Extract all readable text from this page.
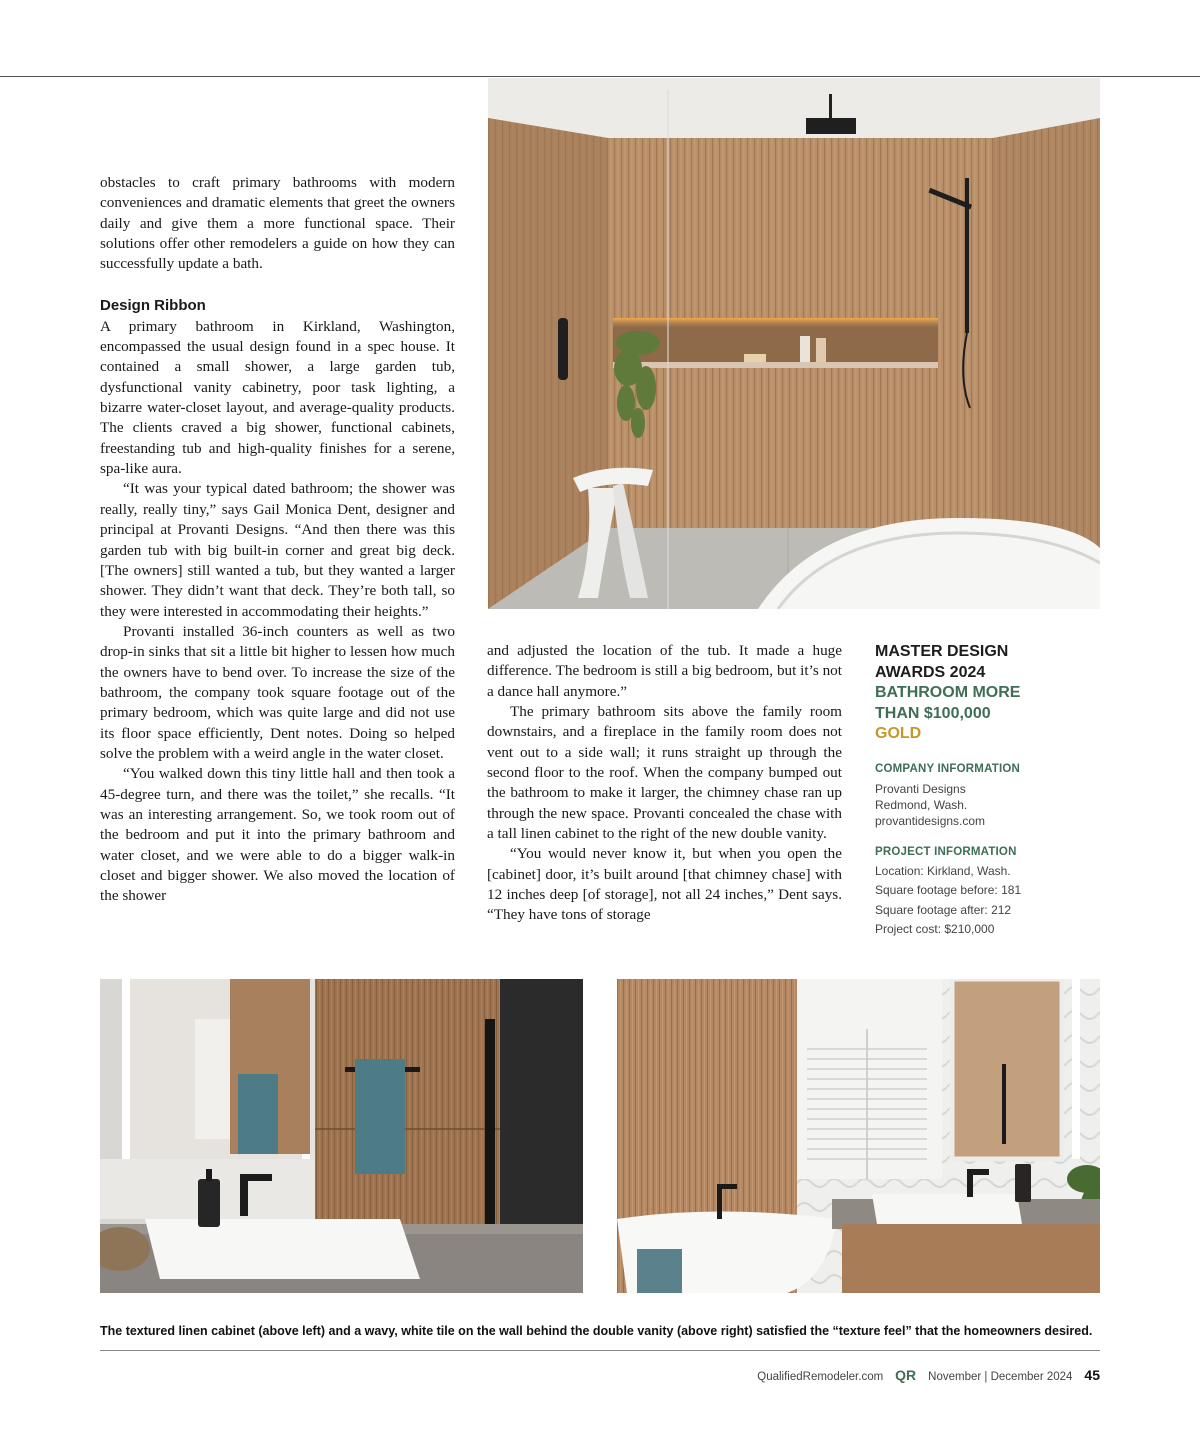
obstacles to craft primary bathrooms with modern conveniences and dramatic elements that greet the owners daily and give them a more functional space. Their solutions offer other remodelers a guide on how they can successfully update a bath.

Design Ribbon

A primary bathroom in Kirkland, Washington, encompassed the usual design found in a spec house. It contained a small shower, a large garden tub, dysfunctional vanity cabinetry, poor task lighting, a bizarre water-closet layout, and average-quality products. The clients craved a big shower, functional cabinets, freestanding tub and high-quality finishes for a serene, spa-like aura.

“It was your typical dated bathroom; the shower was really, really tiny,” says Gail Monica Dent, designer and principal at Provanti Designs. “And then there was this garden tub with big built-in corner and great big deck. [The owners] still wanted a tub, but they wanted a larger shower. They didn’t want that deck. They’re both tall, so they were interested in accommodating their heights.”

Provanti installed 36-inch counters as well as two drop-in sinks that sit a little bit higher to lessen how much the owners have to bend over. To increase the size of the bathroom, the company took square footage out of the primary bedroom, which was quite large and did not use its floor space efficiently, Dent notes. Doing so helped solve the problem with a weird angle in the water closet.

“You walked down this tiny little hall and then took a 45-degree turn, and there was the toilet,” she recalls. “It was an interesting arrangement. So, we took room out of the bedroom and put it into the primary bathroom and water closet, and we were able to do a bigger walk-in closet and bigger shower. We also moved the location of the shower

and adjusted the location of the tub. It made a huge difference. The bedroom is still a big bedroom, but it’s not a dance hall anymore.”

The primary bathroom sits above the family room downstairs, and a fireplace in the family room does not vent out to a side wall; it runs straight up through the second floor to the roof. When the company bumped out the bathroom to make it larger, the chimney chase ran up through the new space. Provanti concealed the chase with a tall linen cabinet to the right of the new double vanity.

“You would never know it, but when you open the [cabinet] door, it’s built around [that chimney chase] with 12 inches deep [of storage], not all 24 inches,” Dent says. “They have tons of storage

MASTER DESIGN
AWARDS 2024
BATHROOM MORE
THAN $100,000
GOLD
COMPANY INFORMATION
Provanti Designs
Redmond, Wash.
provantidesigns.com
PROJECT INFORMATION
Location: Kirkland, Wash.
Square footage before: 181
Square footage after: 212
Project cost: $210,000
The textured linen cabinet (above left) and a wavy, white tile on the wall behind the double vanity (above right) satisfied the “texture feel” that the homeowners desired.
QualifiedRemodeler.com QR November | December 2024 45
